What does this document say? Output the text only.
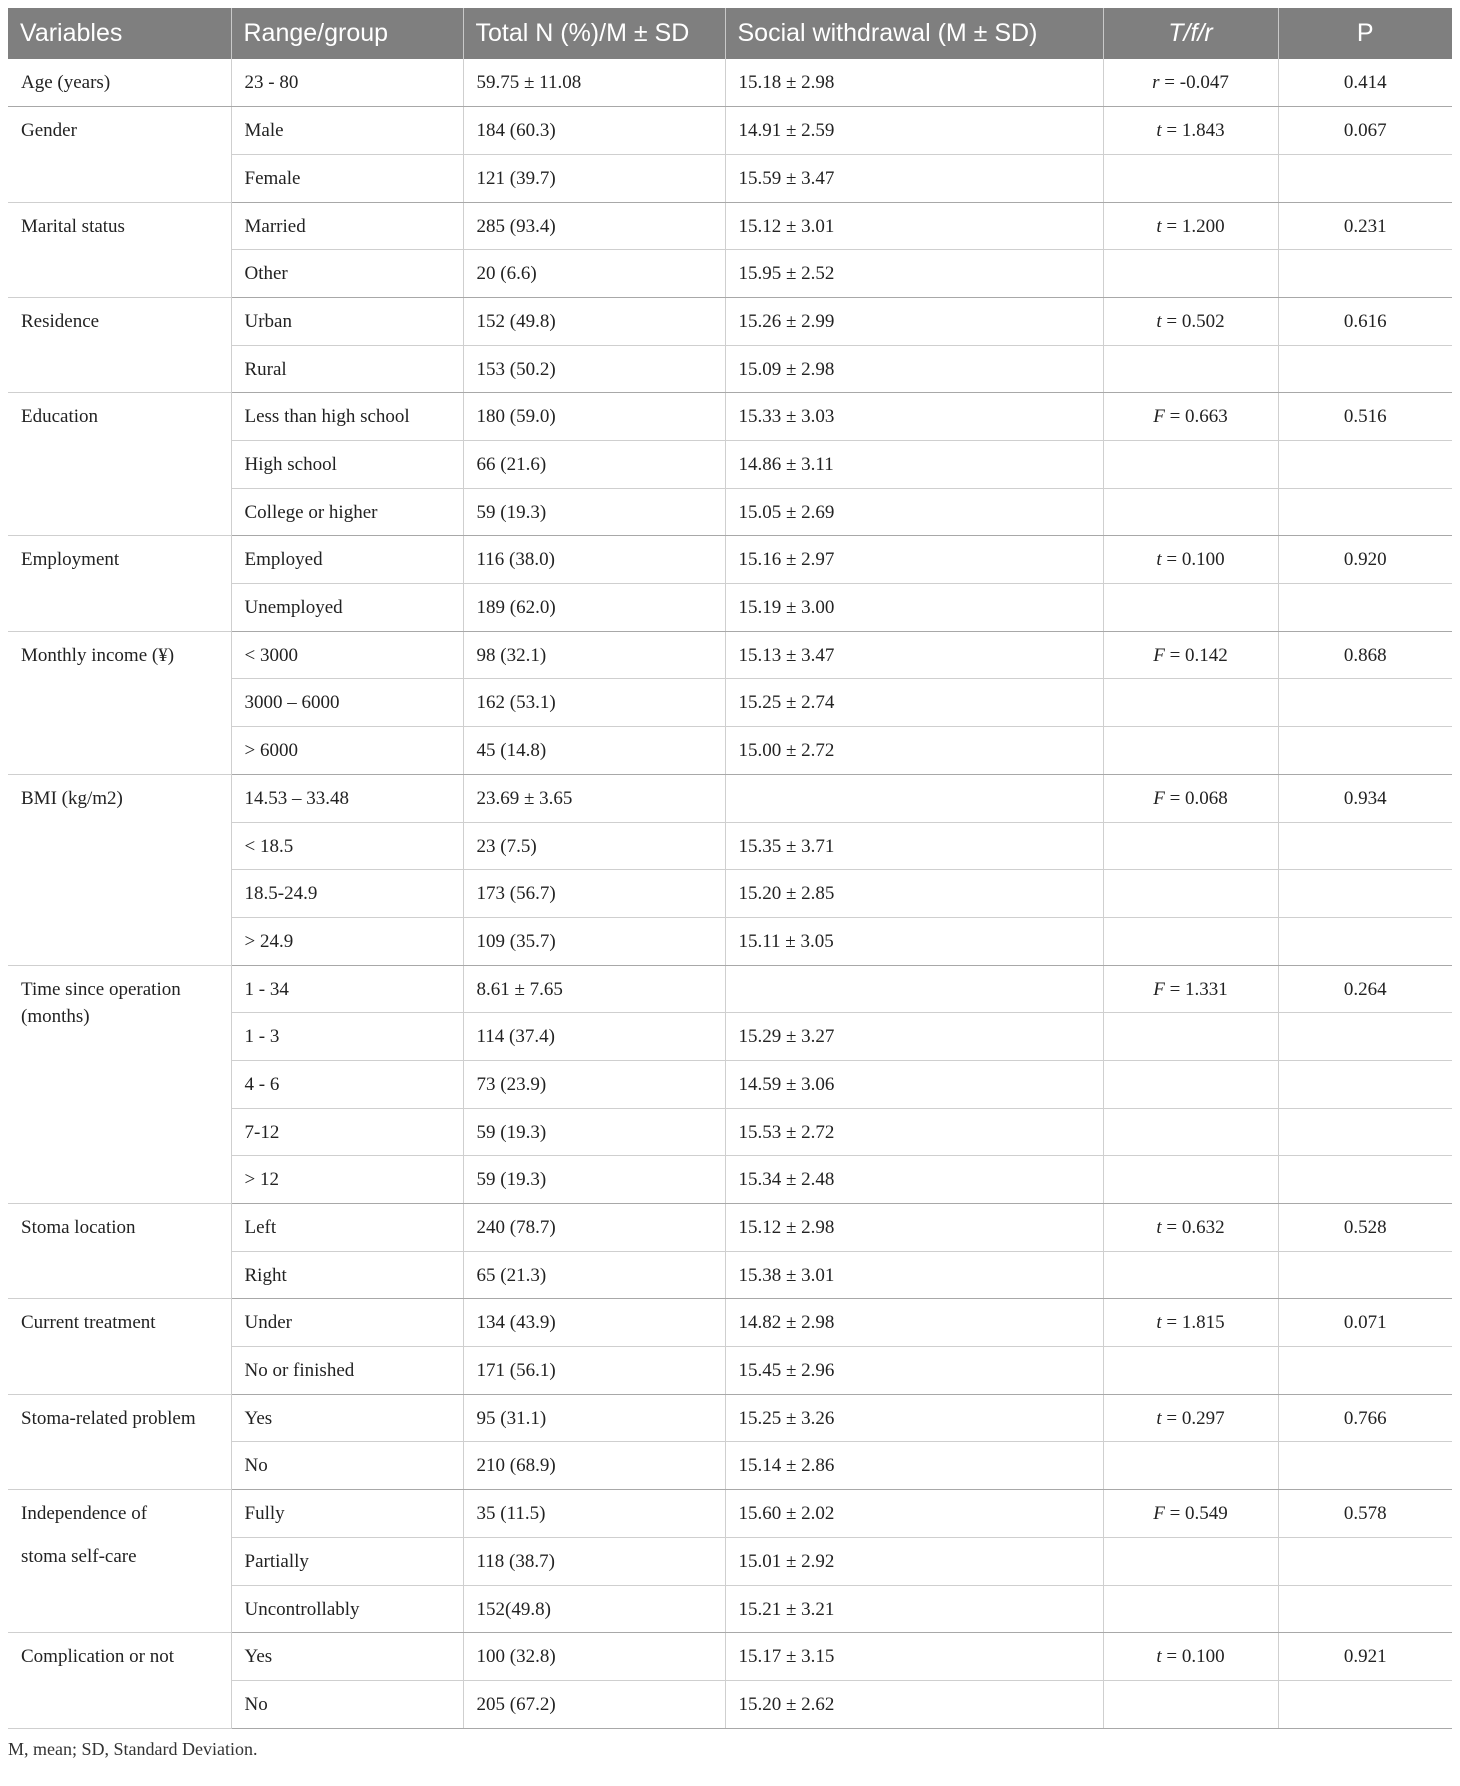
Variables	Range/group	Total N (%)/M ± SD	Social withdrawal (M ± SD)	T/f/r	P
Age (years)	23 - 80	59.75 ± 11.08	15.18 ± 2.98	r = -0.047	0.414
Gender	Male	184 (60.3)	14.91 ± 2.59	t = 1.843	0.067
	Female	121 (39.7)	15.59 ± 3.47		
Marital status	Married	285 (93.4)	15.12 ± 3.01	t = 1.200	0.231
	Other	20 (6.6)	15.95 ± 2.52		
Residence	Urban	152 (49.8)	15.26 ± 2.99	t = 0.502	0.616
	Rural	153 (50.2)	15.09 ± 2.98		
Education	Less than high school	180 (59.0)	15.33 ± 3.03	F = 0.663	0.516
	High school	66 (21.6)	14.86 ± 3.11		
	College or higher	59 (19.3)	15.05 ± 2.69		
Employment	Employed	116 (38.0)	15.16 ± 2.97	t = 0.100	0.920
	Unemployed	189 (62.0)	15.19 ± 3.00		
Monthly income (¥)	< 3000	98 (32.1)	15.13 ± 3.47	F = 0.142	0.868
	3000 – 6000	162 (53.1)	15.25 ± 2.74		
	> 6000	45 (14.8)	15.00 ± 2.72		
BMI (kg/m2)	14.53 – 33.48	23.69 ± 3.65		F = 0.068	0.934
	< 18.5	23 (7.5)	15.35 ± 3.71		
	18.5-24.9	173 (56.7)	15.20 ± 2.85		
	> 24.9	109 (35.7)	15.11 ± 3.05		
Time since operation (months)	1 - 34	8.61 ± 7.65		F = 1.331	0.264
	1 - 3	114 (37.4)	15.29 ± 3.27		
	4 - 6	73 (23.9)	14.59 ± 3.06		
	7-12	59 (19.3)	15.53 ± 2.72		
	> 12	59 (19.3)	15.34 ± 2.48		
Stoma location	Left	240 (78.7)	15.12 ± 2.98	t = 0.632	0.528
	Right	65 (21.3)	15.38 ± 3.01		
Current treatment	Under	134 (43.9)	14.82 ± 2.98	t = 1.815	0.071
	No or finished	171 (56.1)	15.45 ± 2.96		
Stoma-related problem	Yes	95 (31.1)	15.25 ± 3.26	t = 0.297	0.766
	No	210 (68.9)	15.14 ± 2.86		

Independence of
stoma self-care	Fully	35 (11.5)	15.60 ± 2.02	F = 0.549	0.578
	Partially	118 (38.7)	15.01 ± 2.92		
	Uncontrollably	152(49.8)	15.21 ± 3.21		
Complication or not	Yes	100 (32.8)	15.17 ± 3.15	t = 0.100	0.921
	No	205 (67.2)	15.20 ± 2.62		
M, mean; SD, Standard Deviation.
